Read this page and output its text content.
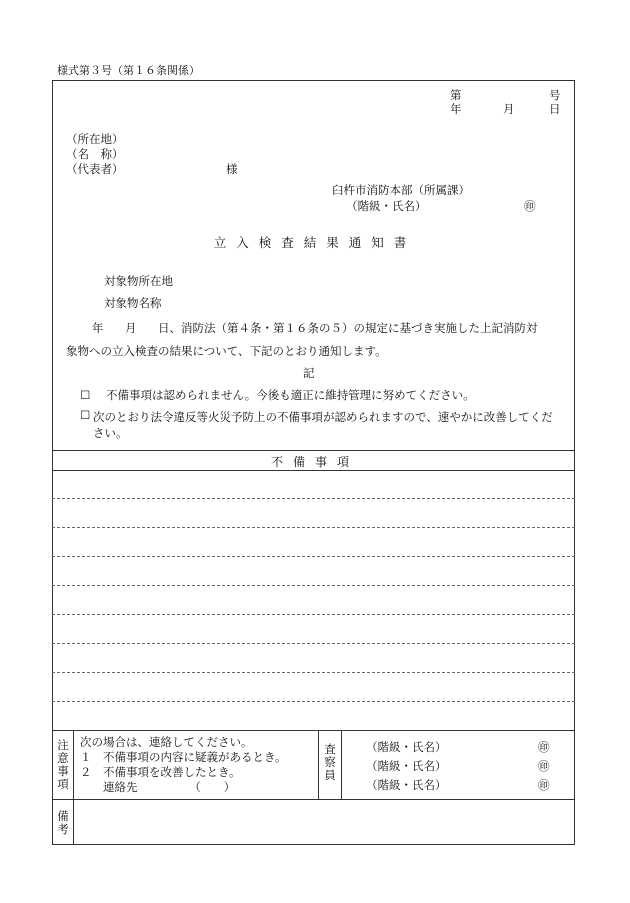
様式第３号（第１６条関係）
第	号
年	月	日
（所在地）
（名　称）
（代表者）	様
臼杵市消防本部（所属課）
（階級・氏名）	㊞
立入検査結果通知書
対象物所在地
対象物名称
年 月 日、消防法（第４条・第１６条の５）の規定に基づき実施した上記消防対
象物への立入検査の結果について、下記のとおり通知します。
記
☐ 不備事項は認められません。今後も適正に維持管理に努めてください。
☐ 次のとおり法令違反等火災予防上の不備事項が認められますので、速やかに改善してください。
不備事項
注意事項
次の場合は、連絡してください。
１ 不備事項の内容に疑義があるとき。
２ 不備事項を改善したとき。
連絡先　　　　　（　　）
査察員
（階級・氏名）	㊞
（階級・氏名）	㊞
（階級・氏名）	㊞
備考
